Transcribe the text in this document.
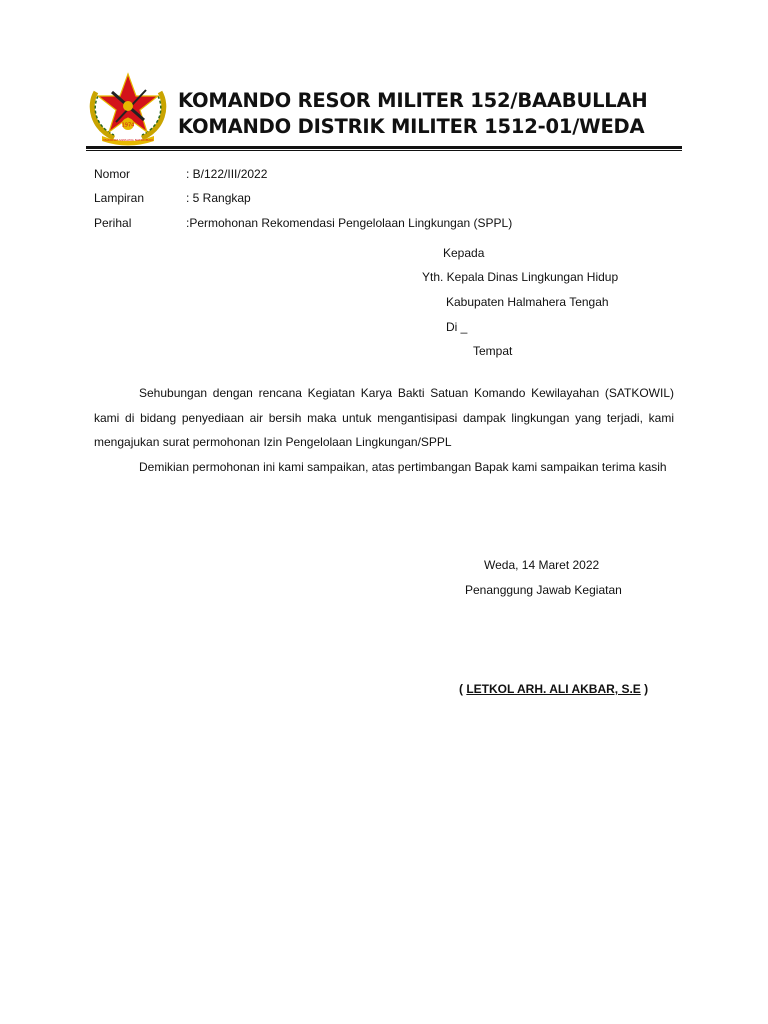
1974
MAKODIM SIWALIMA NATIKOMAN
KOMANDO RESOR MILITER 152/BAABULLAH
KOMANDO DISTRIK MILITER 1512-01/WEDA
Nomor	: B/122/III/2022
Lampiran	: 5 Rangkap
Perihal	:Permohonan Rekomendasi Pengelolaan Lingkungan (SPPL)
Kepada
Yth. Kepala Dinas Lingkungan Hidup
Kabupaten Halmahera Tengah
Di _
Tempat

Sehubungan dengan rencana Kegiatan Karya Bakti Satuan Komando Kewilayahan (SATKOWIL) kami di bidang penyediaan air bersih maka untuk mengantisipasi dampak lingkungan yang terjadi, kami mengajukan surat permohonan Izin Pengelolaan Lingkungan/SPPL

Demikian permohonan ini kami sampaikan, atas pertimbangan Bapak kami sampaikan terima kasih

Weda, 14 Maret 2022
Penanggung Jawab Kegiatan
( LETKOL ARH. ALI AKBAR, S.E )
